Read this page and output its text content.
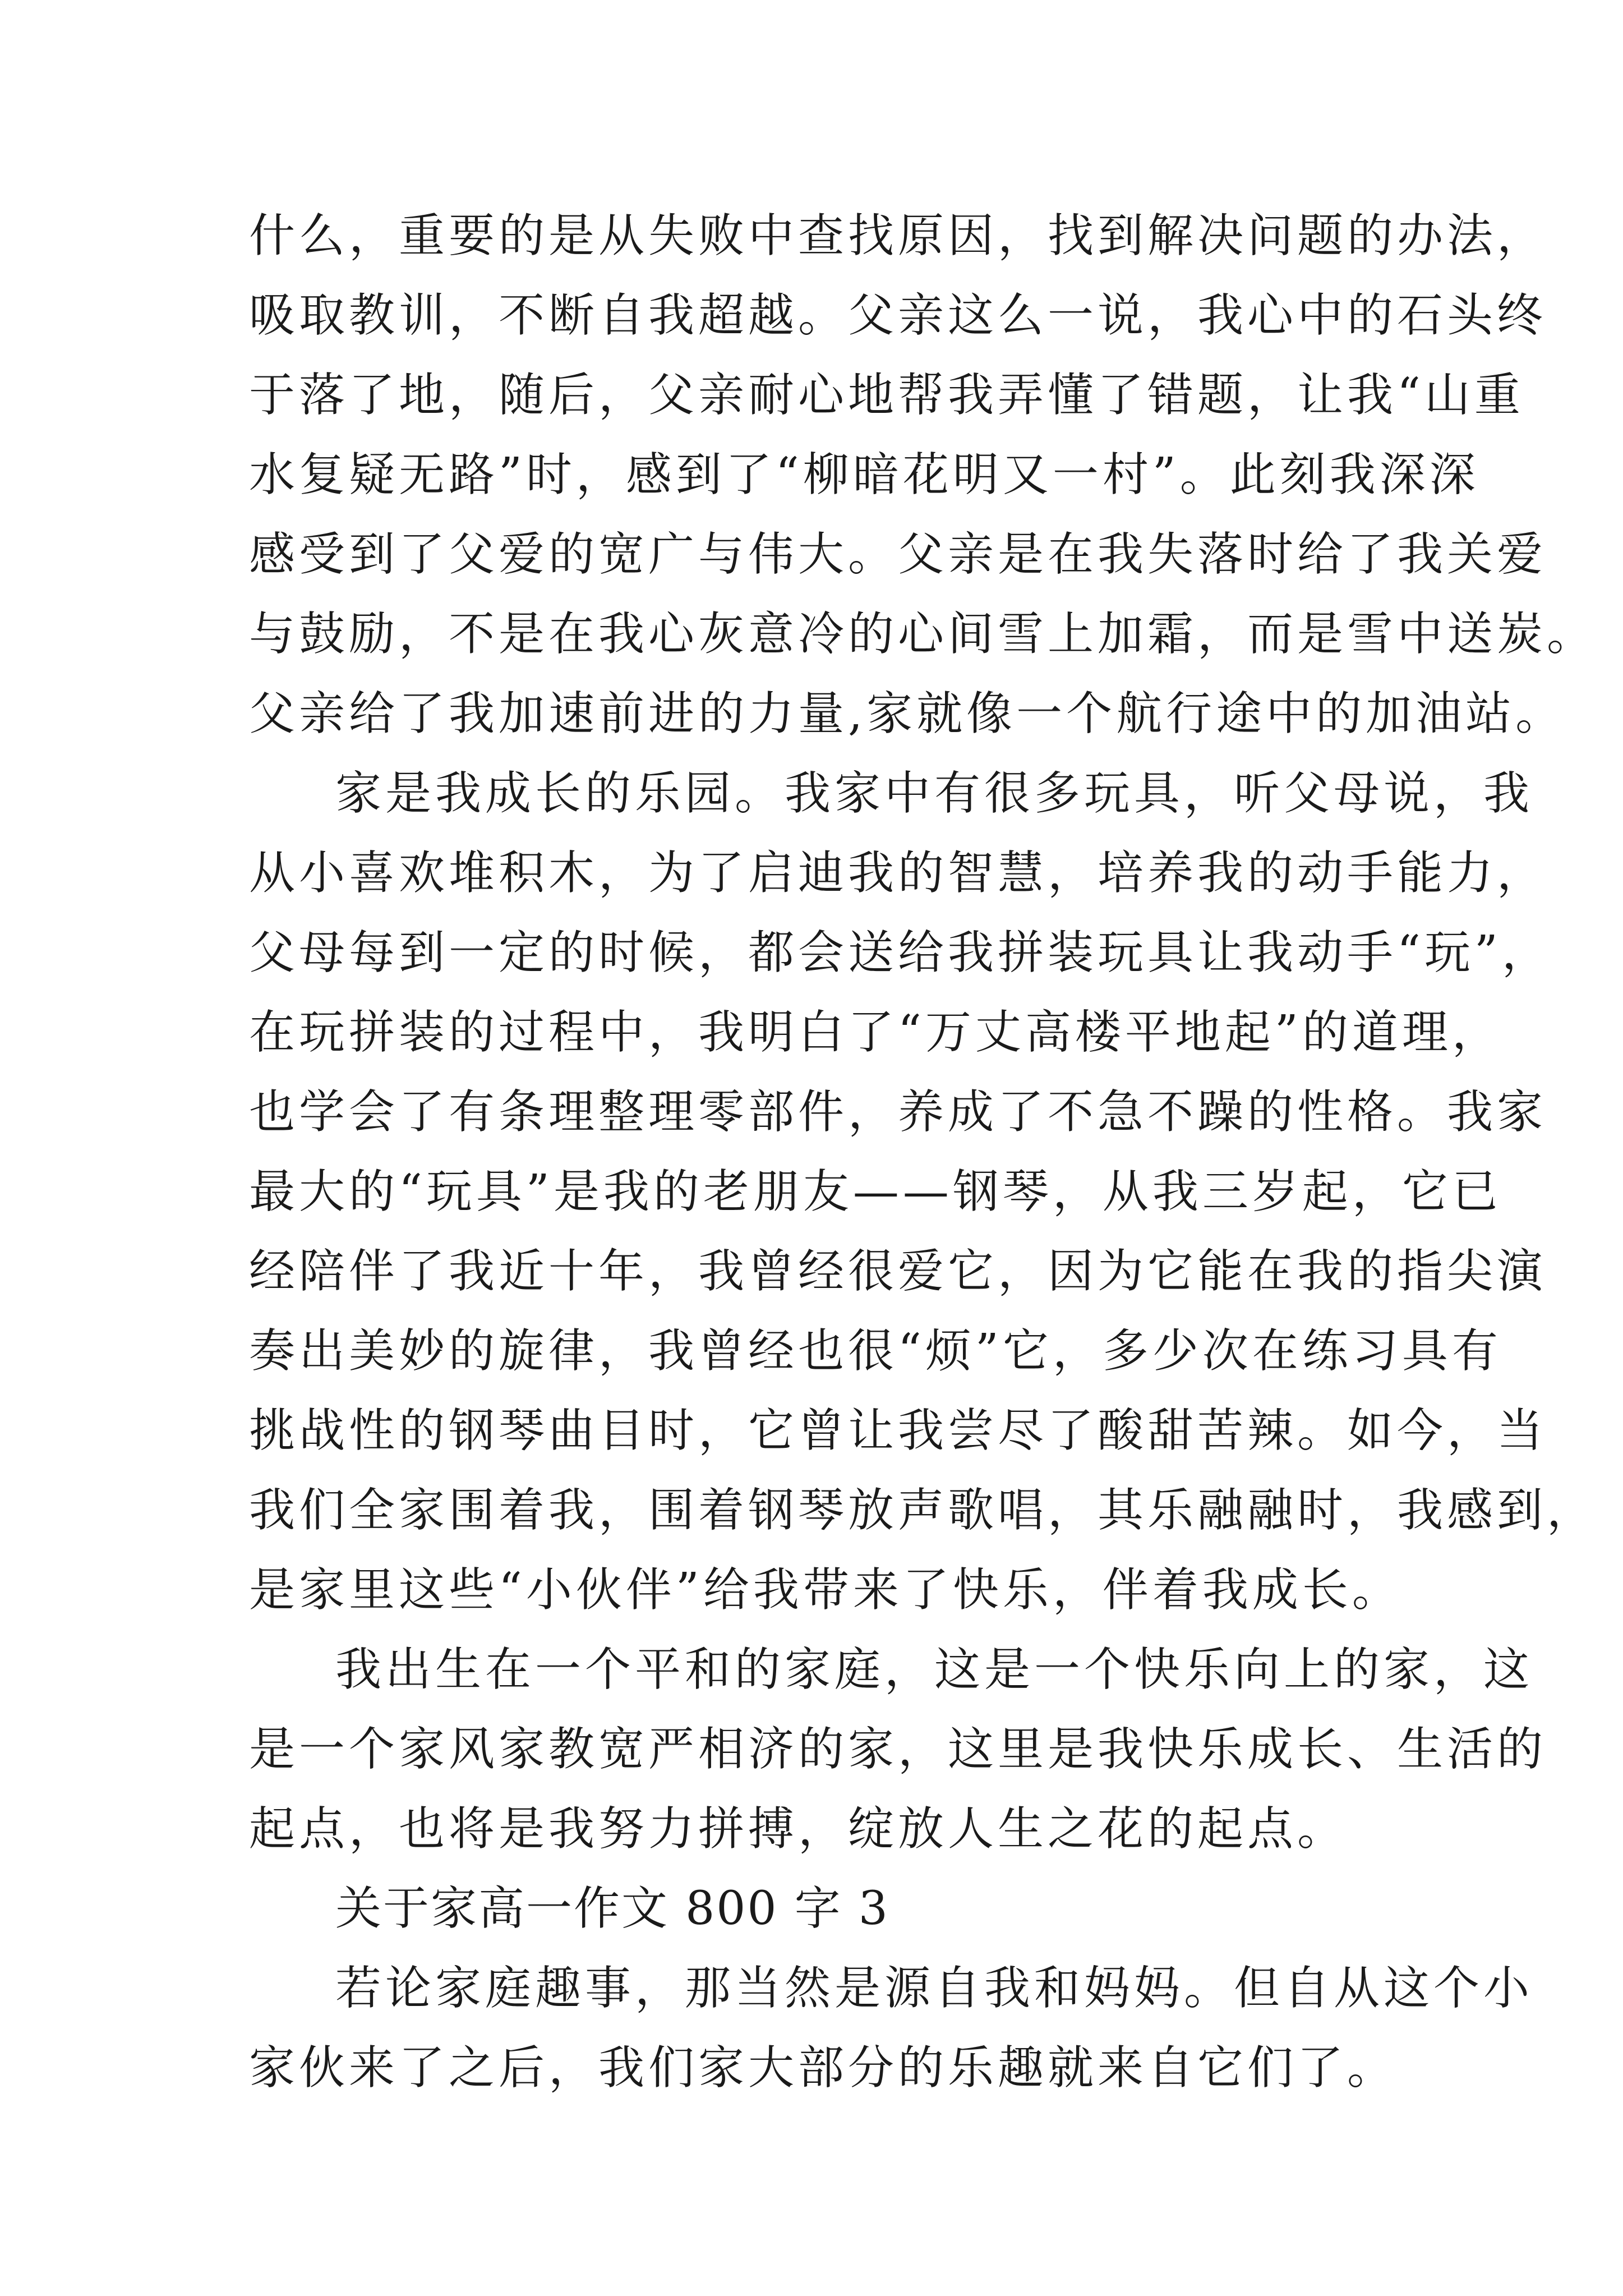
什么，重要的是从失败中查找原因，找到解决问题的办法，
吸取教训，不断自我超越。父亲这么一说，我心中的石头终
于落了地，随后，父亲耐心地帮我弄懂了错题，让我“山重
水复疑无路”时，感到了“柳暗花明又一村”。此刻我深深
感受到了父爱的宽广与伟大。父亲是在我失落时给了我关爱
与鼓励，不是在我心灰意冷的心间雪上加霜，而是雪中送炭。
父亲给了我加速前进的力量,家就像一个航行途中的加油站。
家是我成长的乐园。我家中有很多玩具，听父母说，我
从小喜欢堆积木，为了启迪我的智慧，培养我的动手能力，
父母每到一定的时候，都会送给我拼装玩具让我动手“玩”，
在玩拼装的过程中，我明白了“万丈高楼平地起”的道理，
也学会了有条理整理零部件，养成了不急不躁的性格。我家
最大的“玩具”是我的老朋友——钢琴，从我三岁起，它已
经陪伴了我近十年，我曾经很爱它，因为它能在我的指尖演
奏出美妙的旋律，我曾经也很“烦”它，多少次在练习具有
挑战性的钢琴曲目时，它曾让我尝尽了酸甜苦辣。如今，当
我们全家围着我，围着钢琴放声歌唱，其乐融融时，我感到，
是家里这些“小伙伴”给我带来了快乐，伴着我成长。
我出生在一个平和的家庭，这是一个快乐向上的家，这
是一个家风家教宽严相济的家，这里是我快乐成长、生活的
起点，也将是我努力拼搏，绽放人生之花的起点。
关于家高一作文 800 字 3
若论家庭趣事，那当然是源自我和妈妈。但自从这个小
家伙来了之后，我们家大部分的乐趣就来自它们了。
